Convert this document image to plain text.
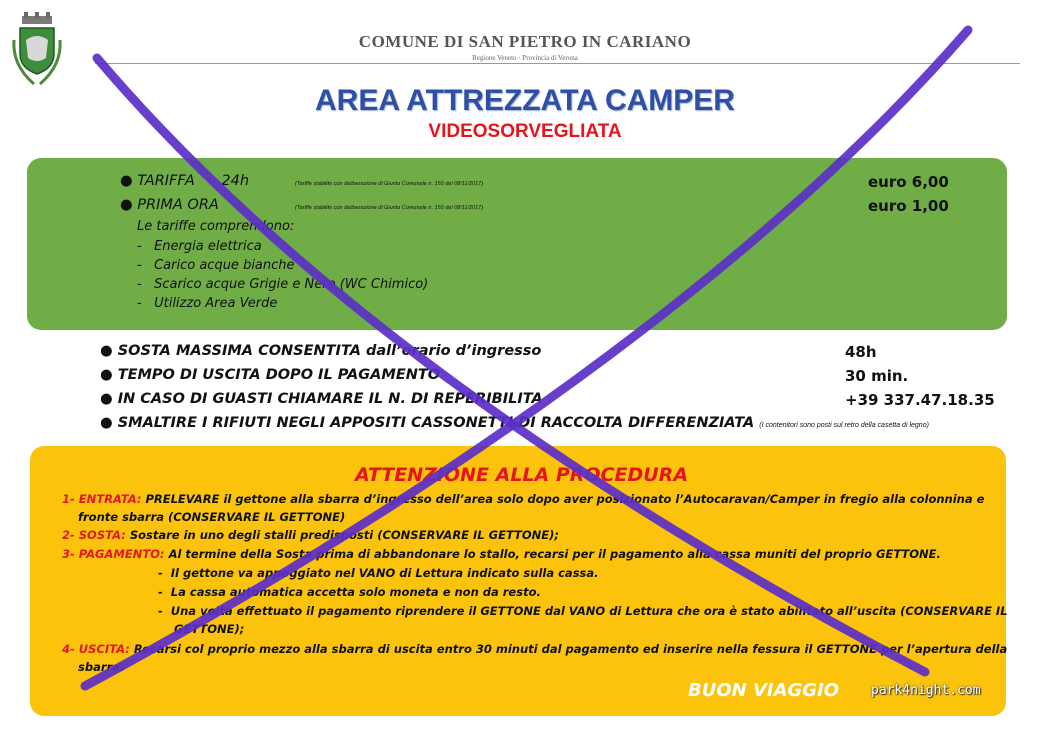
COMUNE DI SAN PIETRO IN CARIANO
Regione Veneto · Provincia di Verona
AREA ATTREZZATA CAMPER
VIDEOSORVEGLIATA
● TARIFFA 24h	(Tariffe stabilite con deliberazione di Giunta Comunale n. 155 del 08/11/2017)	euro 6,00
● PRIMA ORA	(Tariffe stabilite con deliberazione di Giunta Comunale n. 155 del 08/11/2017)	euro 1,00
Le tariffe comprendono:
-   Energia elettrica
-   Carico acque bianche
-   Scarico acque Grigie e Nere (WC Chimico)
-   Utilizzo Area Verde
● SOSTA MASSIMA CONSENTITA dall’orario d’ingresso	48h
● TEMPO DI USCITA DOPO IL PAGAMENTO	30 min.
● IN CASO DI GUASTI CHIAMARE IL N. DI REPERIBILITA	+39 337.47.18.35
● SMALTIRE I RIFIUTI NEGLI APPOSITI CASSONETTI DI RACCOLTA DIFFERENZIATA (I contenitori sono posti sul retro della casetta di legno)
ATTENZIONE ALLA PROCEDURA
1- ENTRATA: PRELEVARE il gettone alla sbarra d’ingresso dell’area solo dopo aver posizionato l’Autocaravan/Camper in fregio alla colonnina e
fronte sbarra (CONSERVARE IL GETTONE)
2- SOSTA: Sostare in uno degli stalli predisposti (CONSERVARE IL GETTONE);
3- PAGAMENTO: Al termine della Sosta prima di abbandonare lo stallo, recarsi per il pagamento alla cassa muniti del proprio GETTONE.
-  Il gettone va appoggiato nel VANO di Lettura indicato sulla cassa.
-  La cassa automatica accetta solo moneta e non da resto.
-  Una volta effettuato il pagamento riprendere il GETTONE dal VANO di Lettura che ora è stato abilitato all’uscita (CONSERVARE IL
GETTONE);
4- USCITA: Recarsi col proprio mezzo alla sbarra di uscita entro 30 minuti dal pagamento ed inserire nella fessura il GETTONE per l’apertura della
sbarra.
BUON VIAGGIO park4night.com
